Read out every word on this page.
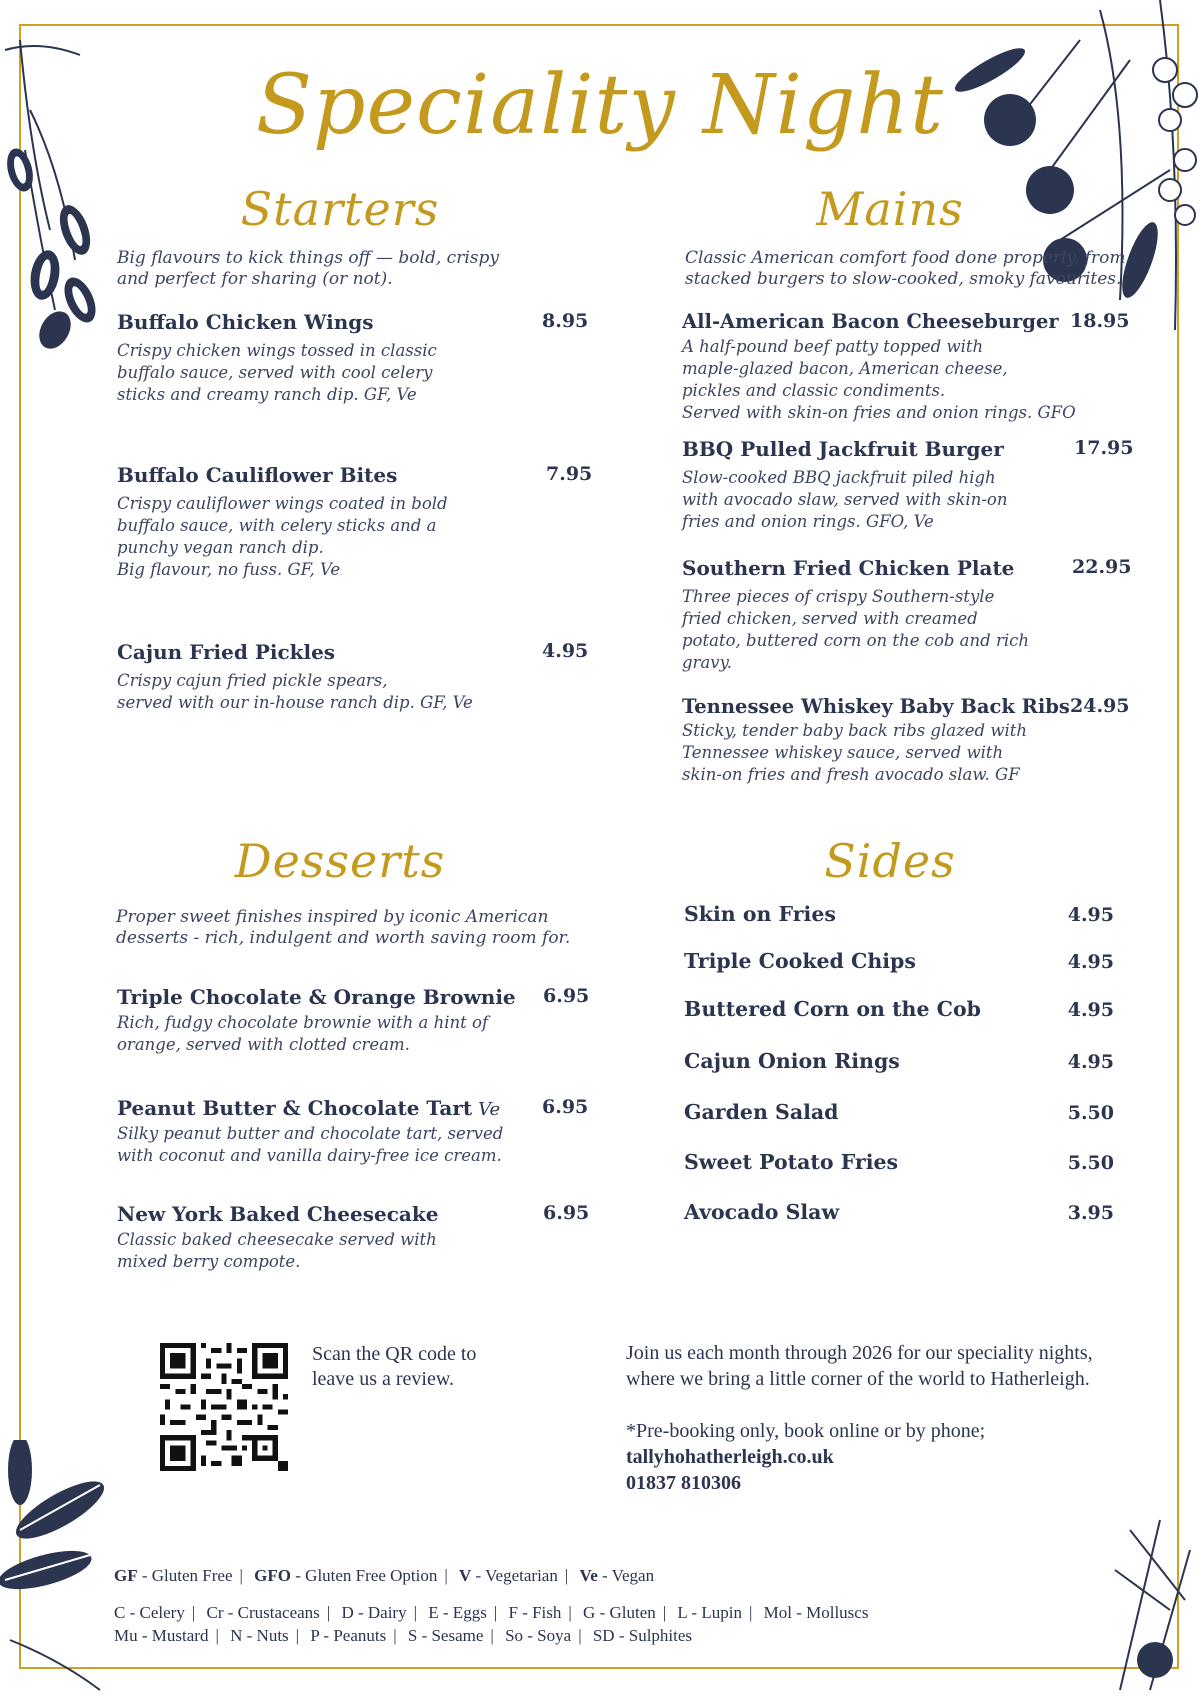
Speciality Night
Starters
Big flavours to kick things off — bold, crispy
and perfect for sharing (or not).
Buffalo Chicken Wings	8.95
Crispy chicken wings tossed in classic
buffalo sauce, served with cool celery
sticks and creamy ranch dip. GF, Ve
Buffalo Cauliflower Bites	7.95
Crispy cauliflower wings coated in bold
buffalo sauce, with celery sticks and a
punchy vegan ranch dip.
Big flavour, no fuss. GF, Ve
Cajun Fried Pickles	4.95
Crispy cajun fried pickle spears,
served with our in-house ranch dip. GF, Ve
Mains
Classic American comfort food done properly, from
stacked burgers to slow-cooked, smoky favourites.
All-American Bacon Cheeseburger 18.95
A half-pound beef patty topped with
maple-glazed bacon, American cheese,
pickles and classic condiments.
Served with skin-on fries and onion rings. GFO
BBQ Pulled Jackfruit Burger	17.95
Slow-cooked BBQ jackfruit piled high
with avocado slaw, served with skin-on
fries and onion rings. GFO, Ve
Southern Fried Chicken Plate	22.95
Three pieces of crispy Southern-style
fried chicken, served with creamed
potato, buttered corn on the cob and rich
gravy.
Tennessee Whiskey Baby Back Ribs 24.95
Sticky, tender baby back ribs glazed with
Tennessee whiskey sauce, served with
skin-on fries and fresh avocado slaw. GF
Desserts
Proper sweet finishes inspired by iconic American
desserts - rich, indulgent and worth saving room for.
Triple Chocolate & Orange Brownie	6.95
Rich, fudgy chocolate brownie with a hint of
orange, served with clotted cream.
Peanut Butter & Chocolate Tart Ve	6.95
Silky peanut butter and chocolate tart, served
with coconut and vanilla dairy-free ice cream.
New York Baked Cheesecake	6.95
Classic baked cheesecake served with
mixed berry compote.
Sides
Skin on Fries	4.95
Triple Cooked Chips	4.95
Buttered Corn on the Cob	4.95
Cajun Onion Rings	4.95
Garden Salad	5.50
Sweet Potato Fries	5.50
Avocado Slaw	3.95
Scan the QR code to
leave us a review.

Join us each month through 2026 for our speciality nights,

where we bring a little corner of the world to Hatherleigh.

*Pre-booking only, book online or by phone;

tallyhohatherleigh.co.uk

01837 810306

GF - Gluten Free | GFO - Gluten Free Option | V - Vegetarian | Ve - Vegan
C - Celery | Cr - Crustaceans | D - Dairy | E - Eggs | F - Fish | G - Gluten | L - Lupin | Mol - Molluscs
Mu - Mustard | N - Nuts | P - Peanuts | S - Sesame | So - Soya | SD - Sulphites
